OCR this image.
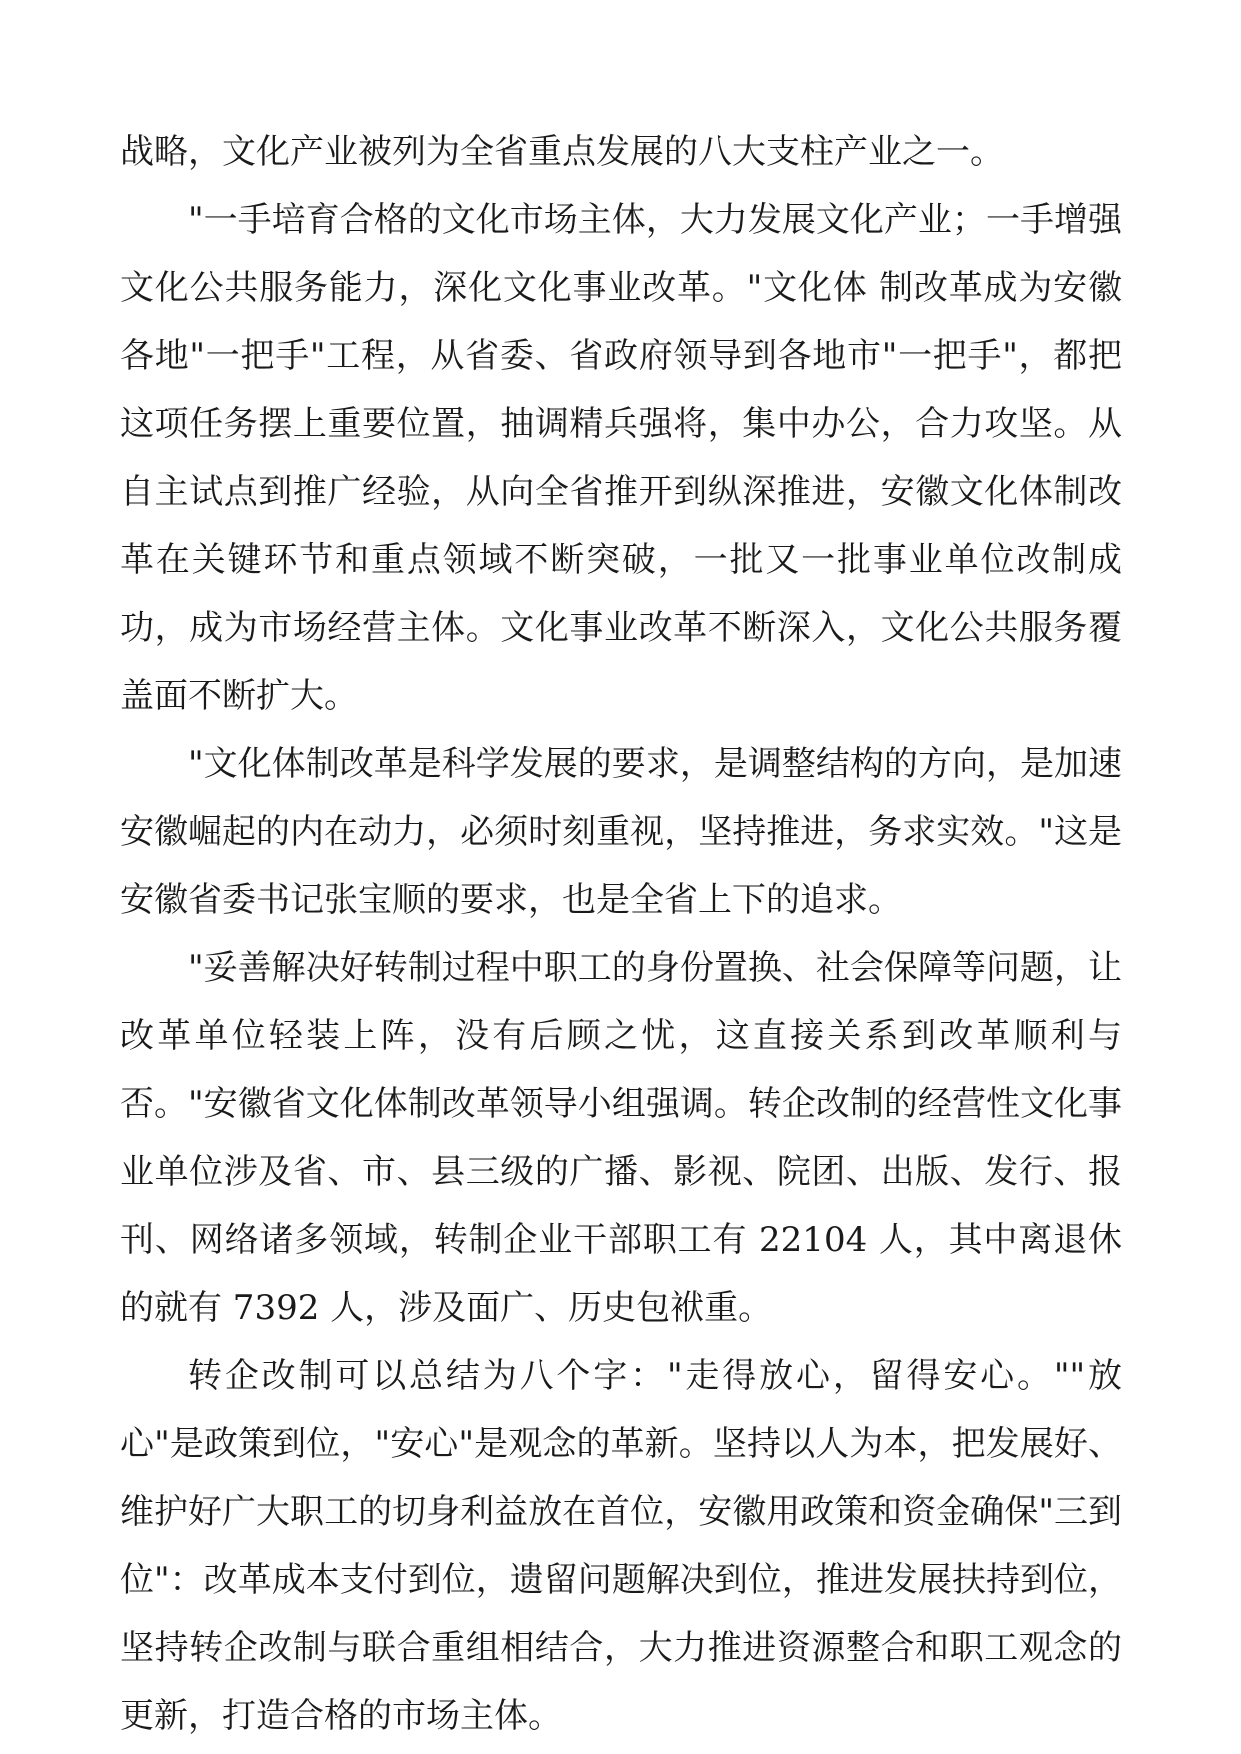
战略，文化产业被列为全省重点发展的八大支柱产业之一。

"一手培育合格的文化市场主体，大力发展文化产业；一手增强文化公共服务能力，深化文化事业改革。"文化体 制改革成为安徽各地"一把手"工程，从省委、省政府领导到各地市"一把手"，都把这项任务摆上重要位置，抽调精兵强将，集中办公，合力攻坚。从自主试点到推广经验，从向全省推开到纵深推进，安徽文化体制改革在关键环节和重点领域不断突破，一批又一批事业单位改制成功，成为市场经营主体。文化事业改革不断深入，文化公共服务覆盖面不断扩大。

"文化体制改革是科学发展的要求，是调整结构的方向，是加速安徽崛起的内在动力，必须时刻重视，坚持推进，务求实效。"这是安徽省委书记张宝顺的要求，也是全省上下的追求。

"妥善解决好转制过程中职工的身份置换、社会保障等问题，让改革单位轻装上阵，没有后顾之忧，这直接关系到改革顺利与否。"安徽省文化体制改革领导小组强调。转企改制的经营性文化事业单位涉及省、市、县三级的广播、影视、院团、出版、发行、报刊、网络诸多领域，转制企业干部职工有 22104 人，其中离退休的就有 7392 人，涉及面广、历史包袱重。

转企改制可以总结为八个字："走得放心，留得安心。""放心"是政策到位，"安心"是观念的革新。坚持以人为本，把发展好、维护好广大职工的切身利益放在首位，安徽用政策和资金确保"三到位"：改革成本支付到位，遗留问题解决到位，推进发展扶持到位，坚持转企改制与联合重组相结合，大力推进资源整合和职工观念的更新，打造合格的市场主体。
